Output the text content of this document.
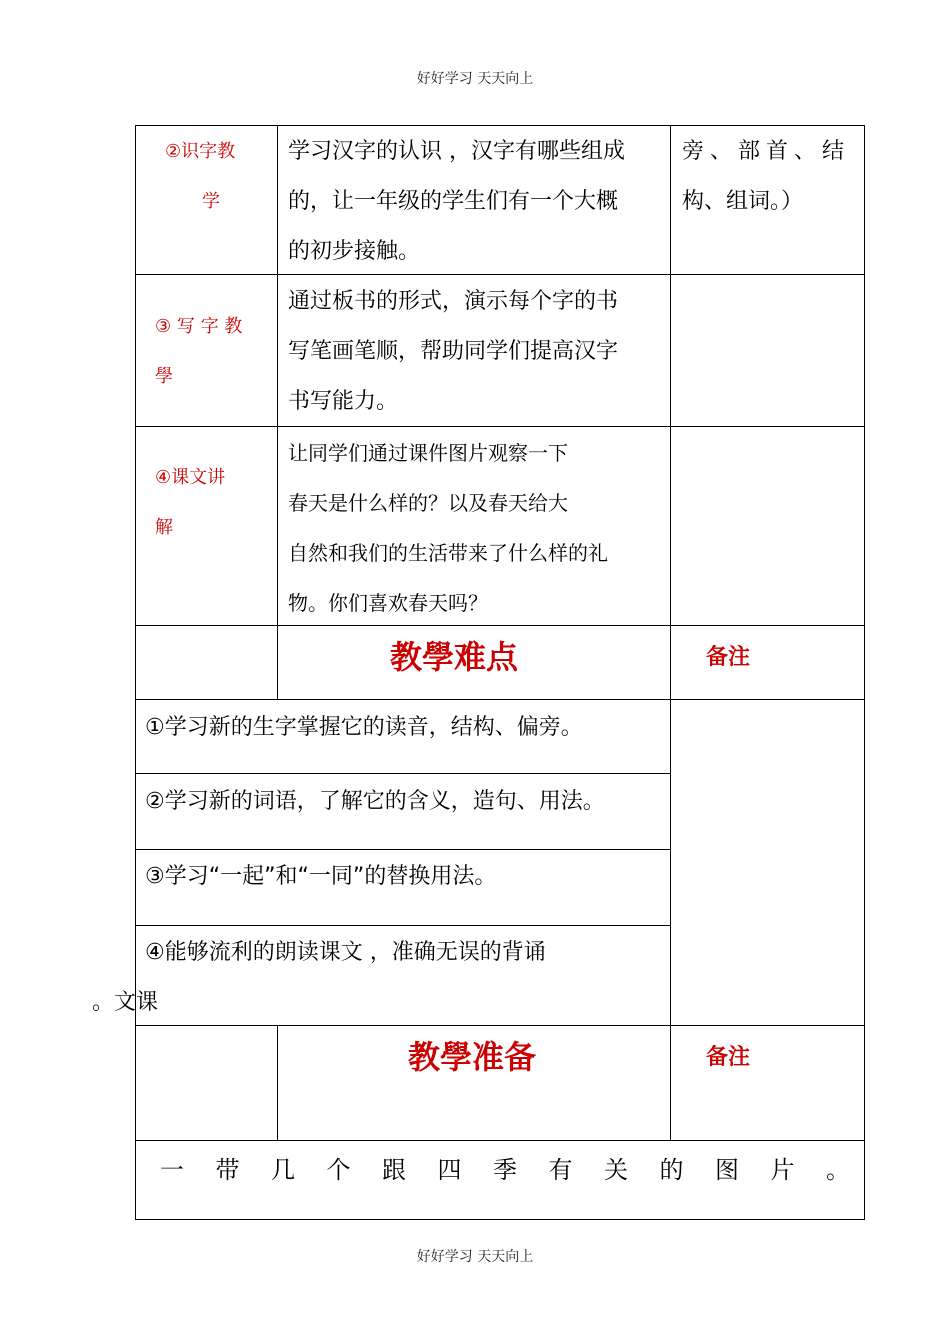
好好学习 天天向上
好好学习 天天向上
②识字教
学
学习汉字的认识 ，汉字有哪些组成
的，让一年级的学生们有一个大概
的初步接触。
旁、部首、结
构、组词。）
③ 写 字 教
學
通过板书的形式，演示每个字的书
写笔画笔顺，帮助同学们提高汉字
书写能力。
④课文讲
解
让同学们通过课件图片观察一下
春天是什么样的？以及春天给大
自然和我们的生活带来了什么样的礼
物。你们喜欢春天吗？
教學难点	备注
①学习新的生字掌握它的读音，结构、偏旁。
②学习新的词语，了解它的含义，造句、用法。
③学习“一起”和“一同”的替换用法。
④能够流利的朗读课文 ，准确无误的背诵
。文课
教學准备	备注
一 带 几 个 跟 四 季 有 关 的 图 片 。
